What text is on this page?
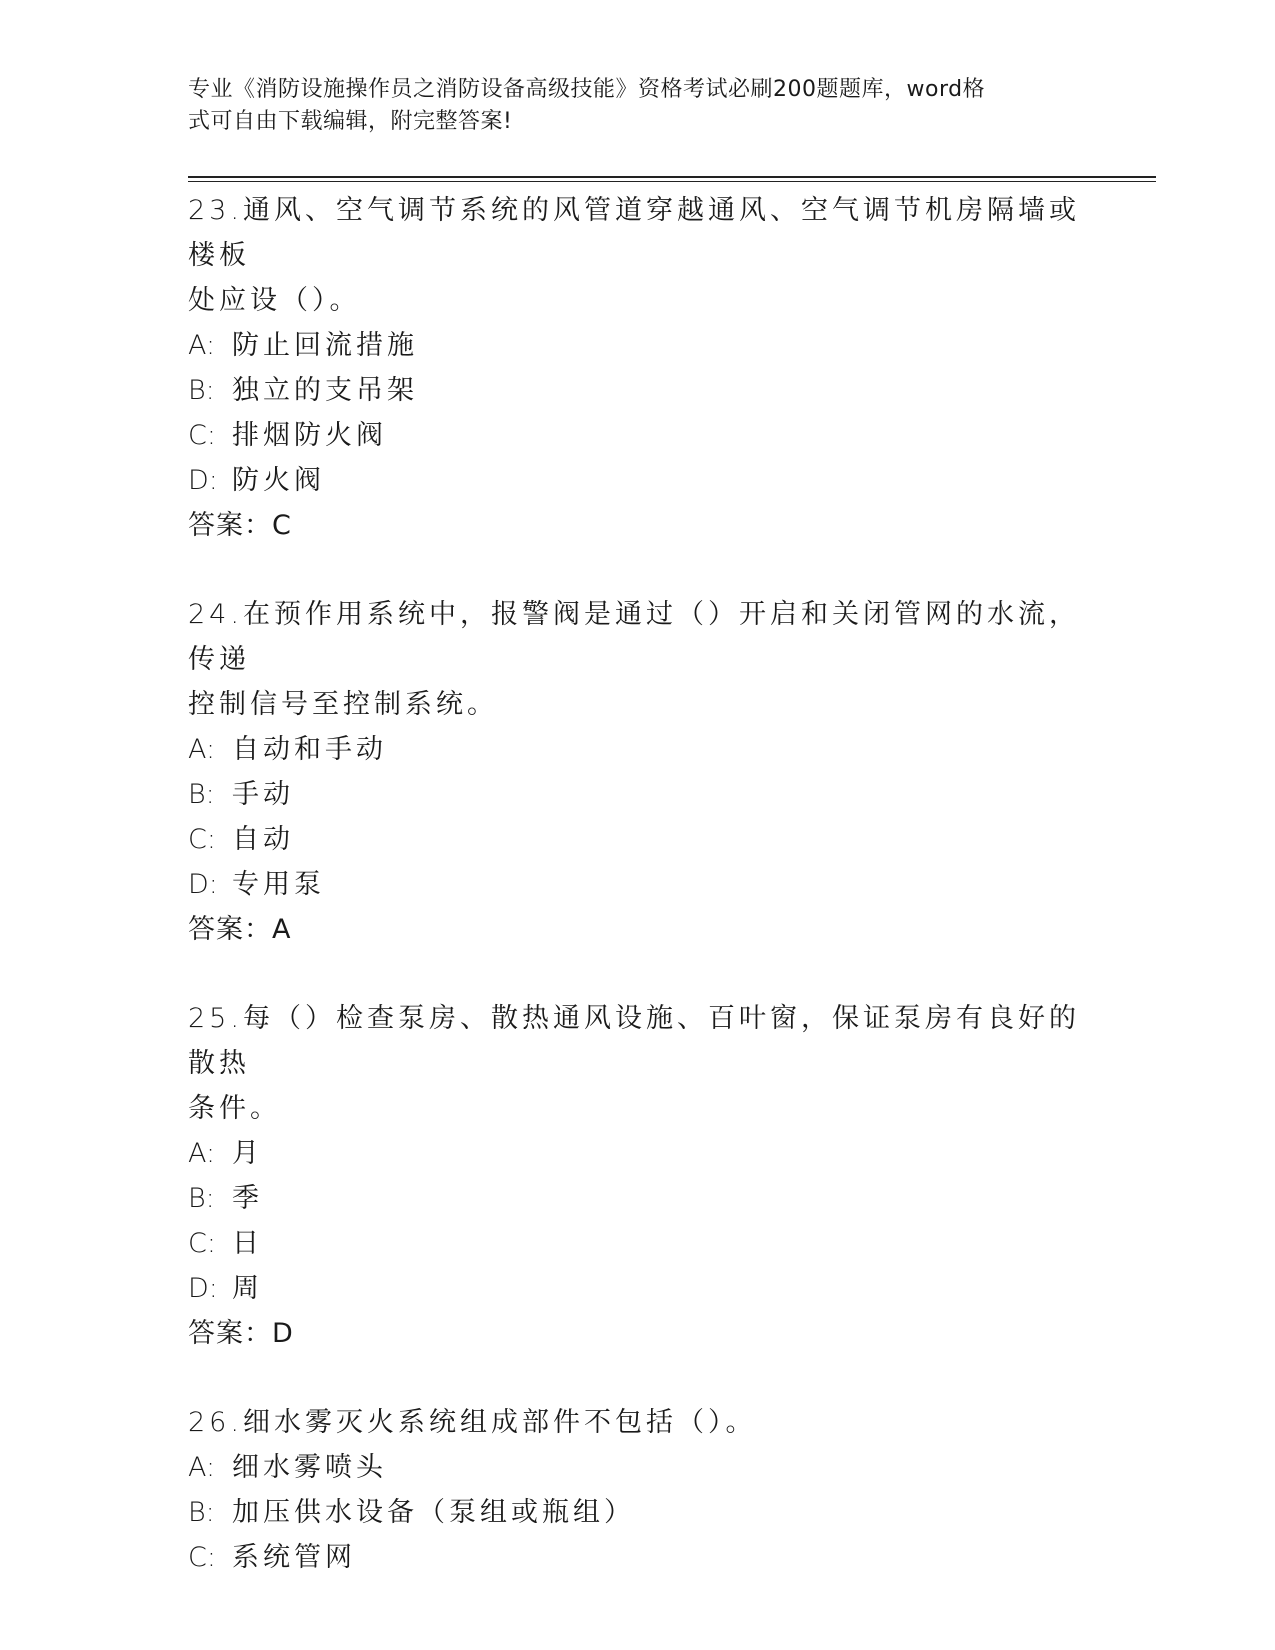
专业《消防设施操作员之消防设备高级技能》资格考试必刷200题题库，word格
式可自由下载编辑，附完整答案!
23.通风、空气调节系统的风管道穿越通风、空气调节机房隔墙或楼板
处应设（）。
A: 防止回流措施
B: 独立的支吊架
C: 排烟防火阀
D: 防火阀
答案：C
24.在预作用系统中，报警阀是通过（）开启和关闭管网的水流，传递
控制信号至控制系统。
A: 自动和手动
B: 手动
C: 自动
D: 专用泵
答案：A
25.每（）检查泵房、散热通风设施、百叶窗，保证泵房有良好的散热
条件。
A: 月
B: 季
C: 日
D: 周
答案：D
26.细水雾灭火系统组成部件不包括（）。
A: 细水雾喷头
B: 加压供水设备（泵组或瓶组）
C: 系统管网
